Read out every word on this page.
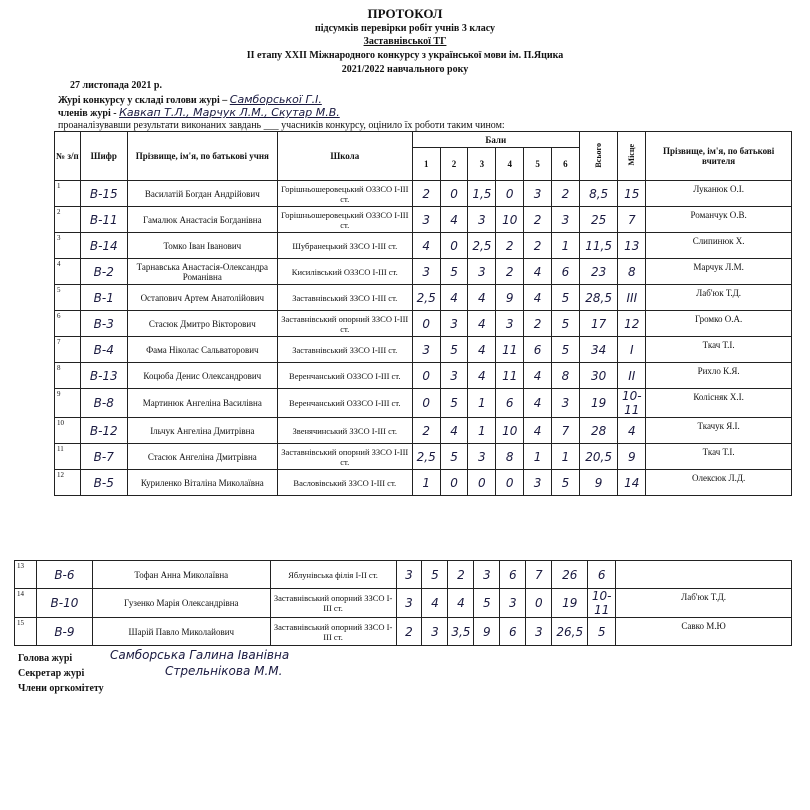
ПРОТОКОЛ
підсумків перевірки робіт учнів 3 класу
Заставнівської ТГ
ІІ етапу ХХІІ Міжнародного конкурсу з української мови ім. П.Яцика
2021/2022 навчального року
27 листопада 2021 р.
Журі конкурсу у складі голови журі – Самборської Г.І.
членів журі - Кавкап Т.Л., Марчук Л.М., Скутар М.В.
проаналізувавши результати виконаних завдань ___ учасників конкурсу, оцінило їх роботи таким чином:
№ з/п	Шифр	Прізвище, ім'я, по батькові учня	Школа	Бали						Всього	Місце	Прізвище, ім'я, по батькові вчителя
				1	2	3	4	5	6			
1	В-15	Василатій Богдан Андрійович	Горішньошеровецький ОЗЗСО І-ІІІ ст.	2	0	1,5	0	3	2	8,5	15	Луканюк О.І.
2	В-11	Гамалюк Анастасія Богданівна	Горішньошеровецький ОЗЗСО І-ІІІ ст.	3	4	3	10	2	3	25	7	Романчук О.В.
3	В-14	Томко Іван Іванович	Шубранецький ЗЗСО І-ІІІ ст.	4	0	2,5	2	2	1	11,5	13	Слипинюк Х.
4	В-2	Тарнавська Анастасія-Олександра Романівна	Кисилівський ОЗЗСО І-ІІІ ст.	3	5	3	2	4	6	23	8	Марчук Л.М.
5	В-1	Остапович Артем Анатолійович	Заставнівський ЗЗСО І-ІІІ ст.	2,5	4	4	9	4	5	28,5	ІІІ	Лаб'юк Т.Д.
6	В-3	Стасюк Дмитро Вікторович	Заставнівський опорний ЗЗСО І-ІІІ ст.	0	3	4	3	2	5	17	12	Громко О.А.
7	В-4	Фама Ніколас Сальваторович	Заставнівський ЗЗСО І-ІІІ ст.	3	5	4	11	6	5	34	І	Ткач Т.І.
8	В-13	Коцюба Денис Олександрович	Веренчанський ОЗЗСО І-ІІІ ст.	0	3	4	11	4	8	30	ІІ	Рихло К.Я.
9	В-8	Мартинюк Ангеліна Василівна	Веренчанський ОЗЗСО І-ІІІ ст.	0	5	1	6	4	3	19	10-11	Колісняк Х.І.
10	В-12	Ільчук Ангеліна Дмитрівна	Звенячинський ЗЗСО І-ІІІ ст.	2	4	1	10	4	7	28	4	Ткачук Я.І.
11	В-7	Стасюк Ангеліна Дмитрівна	Заставнівський опорний ЗЗСО І-ІІІ ст.	2,5	5	3	8	1	1	20,5	9	Ткач Т.І.
12	В-5	Куриленко Віталіна Миколаївна	Васловівський ЗЗСО І-ІІІ ст.	1	0	0	0	3	5	9	14	Олексюк Л.Д.
13	В-6	Тофан Анна Миколаївна	Яблунівська філія І-ІІ ст.	3	5	2	3	6	7	26	6	
14	В-10	Гузенко Марія Олександрівна	Заставнівський опорний ЗЗСО І-ІІІ ст.	3	4	4	5	3	0	19	10-11	Лаб'юк Т.Д.
15	В-9	Шарій Павло Миколайович	Заставнівський опорний ЗЗСО І-ІІІ ст.	2	3	3,5	9	6	3	26,5	5	Савко М.Ю
Голова журі	Самборська Галина Іванівна
Секретар журі	Стрельнікова М.М.
Члени оргкомітету
